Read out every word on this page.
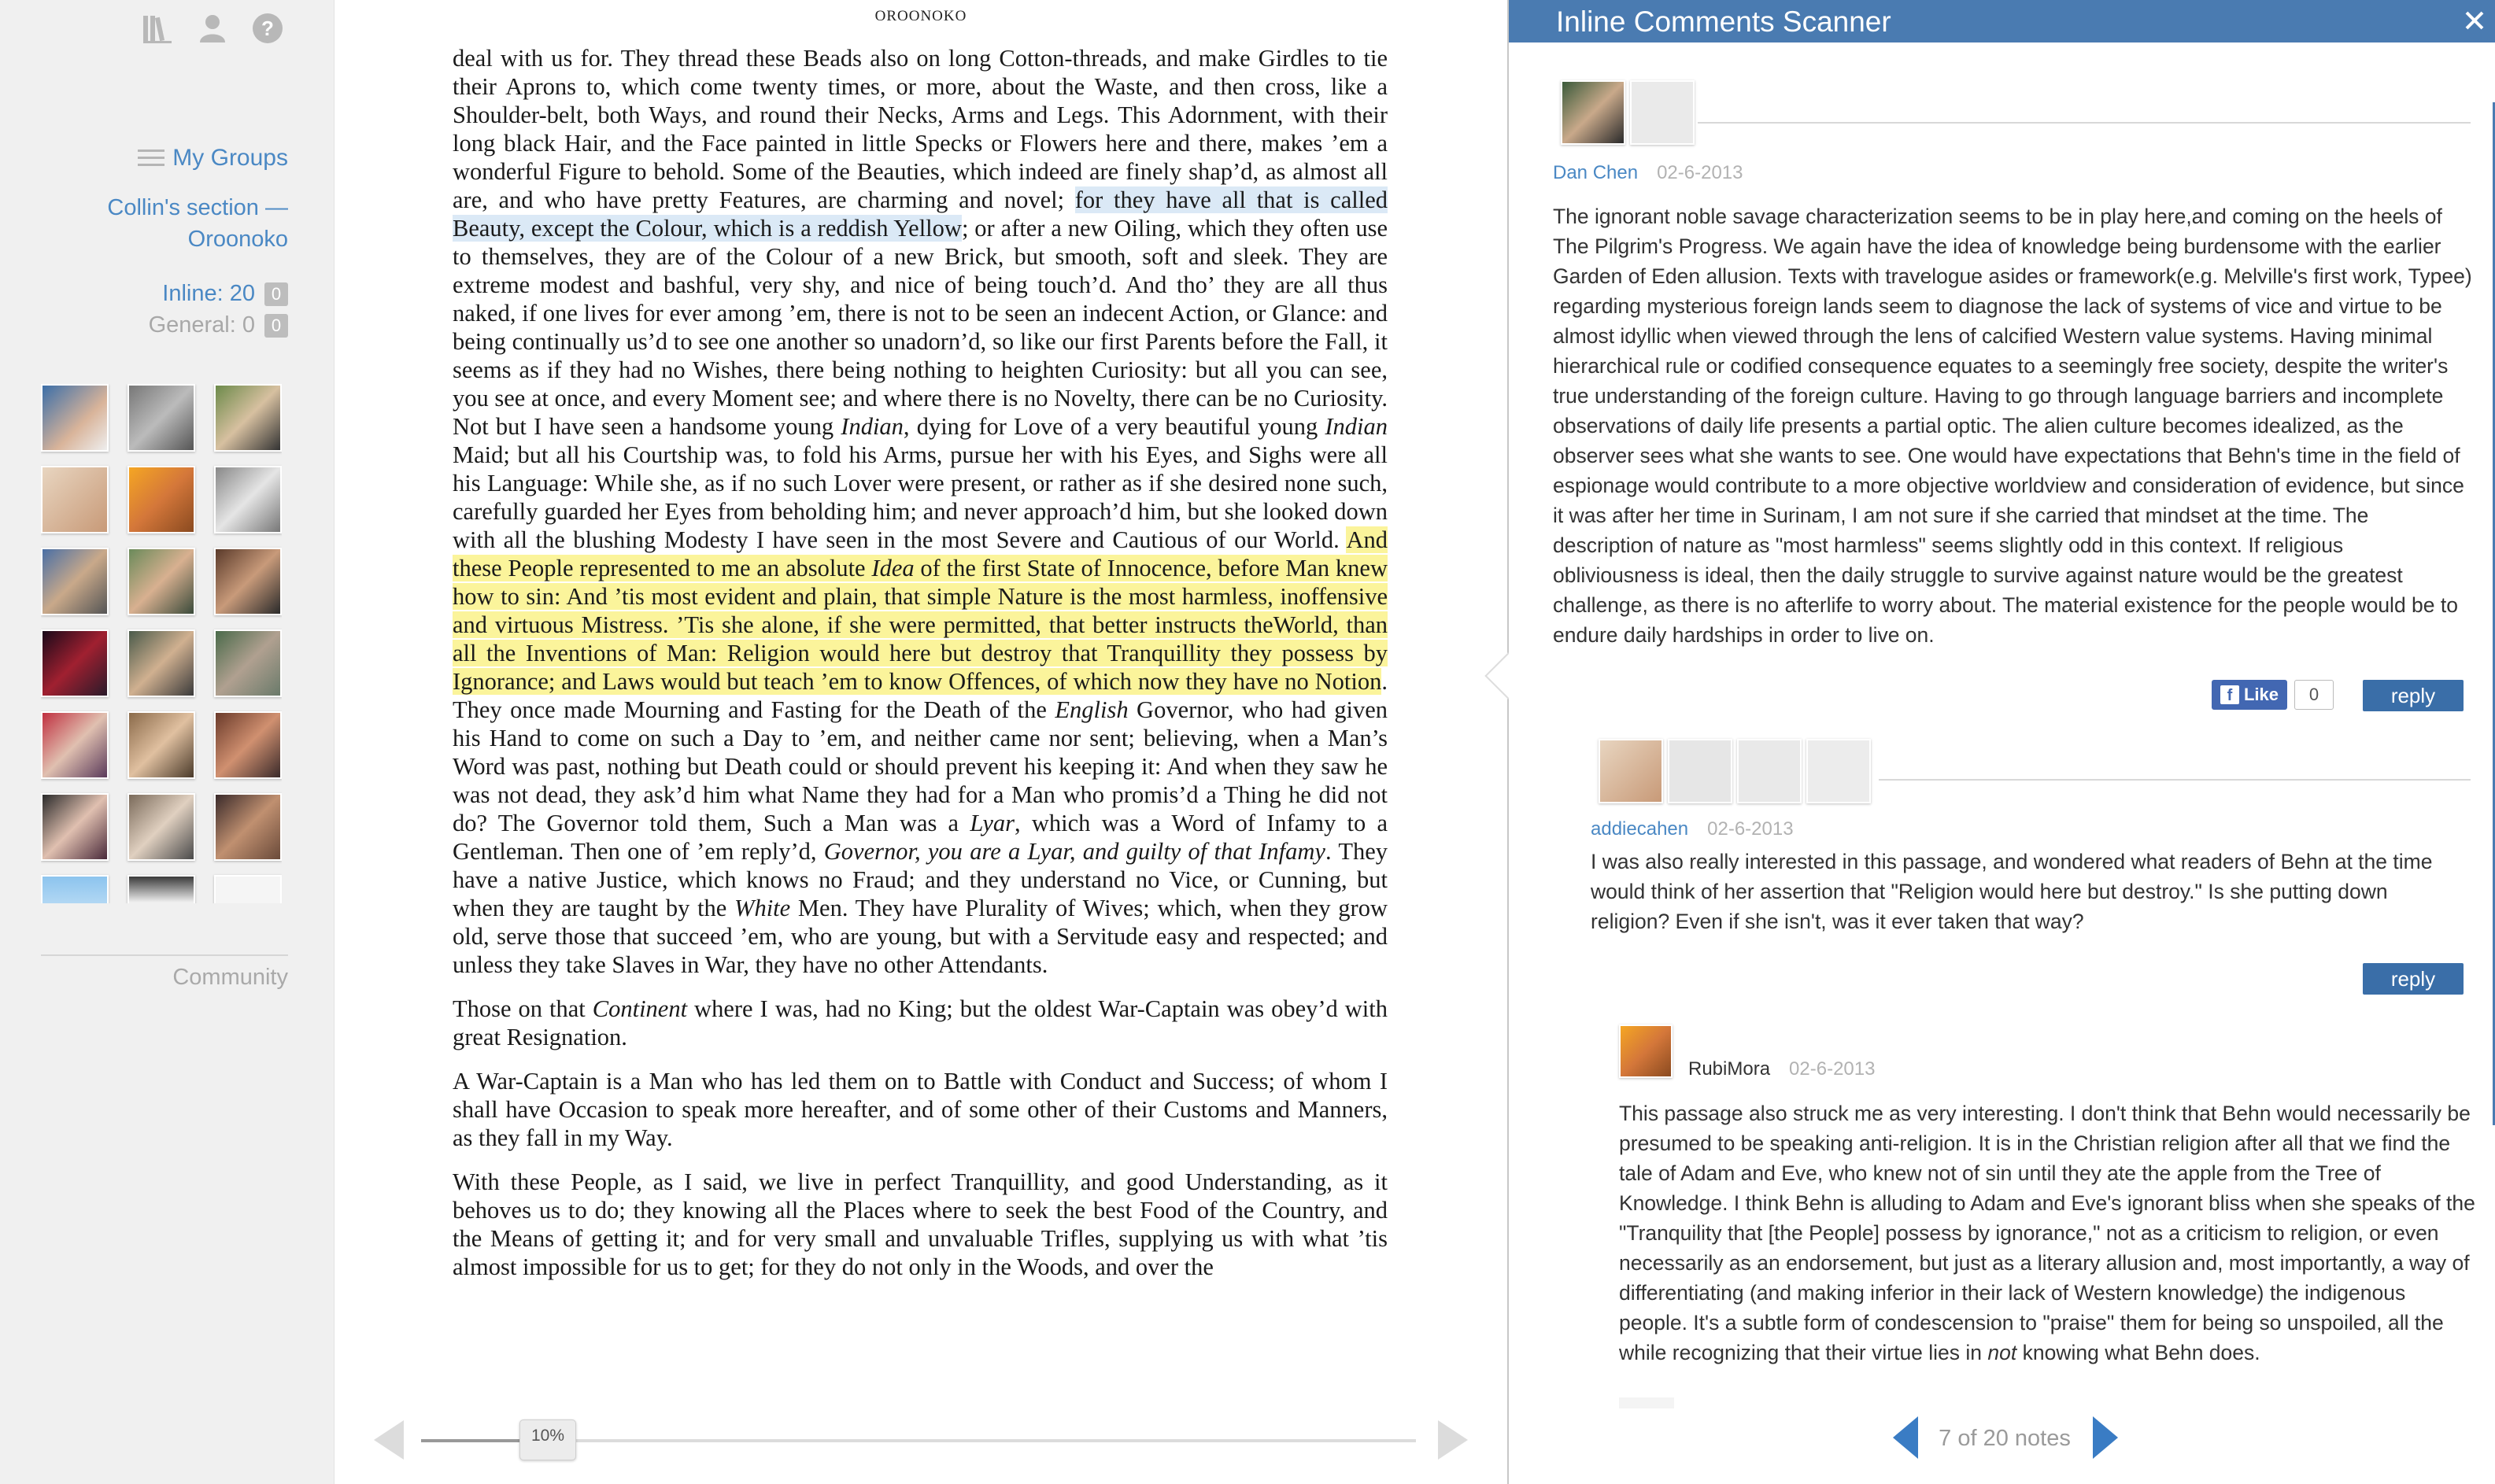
?
My Groups
Collin's section — Oroonoko
Inline: 20 0
General: 0 0
Community
OROONOKO

deal with us for. They thread these Beads also on long Cotton-threads, and make Girdles to tie their Aprons to, which come twenty times, or more, about the Waste, and then cross, like a Shoulder-belt, both Ways, and round their Necks, Arms and Legs. This Adornment, with their long black Hair, and the Face painted in little Specks or Flowers here and there, makes ’em a wonderful Figure to behold. Some of the Beauties, which indeed are finely shap’d, as almost all are, and who have pretty Features, are charming and novel; for they have all that is called Beauty, except the Colour, which is a reddish Yellow; or after a new Oiling, which they often use to themselves, they are of the Colour of a new Brick, but smooth, soft and sleek. They are extreme modest and bashful, very shy, and nice of being touch’d. And tho’ they are all thus naked, if one lives for ever among ’em, there is not to be seen an indecent Action, or Glance: and being continually us’d to see one another so unadorn’d, so like our first Parents before the Fall, it seems as if they had no Wishes, there being nothing to heighten Curiosity: but all you can see, you see at once, and every Moment see; and where there is no Novelty, there can be no Curiosity. Not but I have seen a handsome young Indian, dying for Love of a very beautiful young Indian Maid; but all his Courtship was, to fold his Arms, pursue her with his Eyes, and Sighs were all his Language: While she, as if no such Lover were present, or rather as if she desired none such, carefully guarded her Eyes from beholding him; and never approach’d him, but she looked down with all the blushing Modesty I have seen in the most Severe and Cautious of our World. And these People represented to me an absolute Idea of the first State of Innocence, before Man knew how to sin: And ’tis most evident and plain, that simple Nature is the most harmless, inoffensive and virtuous Mistress. ’Tis she alone, if she were permitted, that better instructs theWorld, than all the Inventions of Man: Religion would here but destroy that Tranquillity they possess by Ignorance; and Laws would but teach ’em to know Offences, of which now they have no Notion. They once made Mourning and Fasting for the Death of the English Governor, who had given his Hand to come on such a Day to ’em, and neither came nor sent; believing, when a Man’s Word was past, nothing but Death could or should prevent his keeping it: And when they saw he was not dead, they ask’d him what Name they had for a Man who promis’d a Thing he did not do? The Governor told them, Such a Man was a Lyar, which was a Word of Infamy to a Gentleman. Then one of ’em reply’d, Governor, you are a Lyar, and guilty of that Infamy. They have a native Justice, which knows no Fraud; and they understand no Vice, or Cunning, but when they are taught by the White Men. They have Plurality of Wives; which, when they grow old, serve those that succeed ’em, who are young, but with a Servitude easy and respected; and unless they take Slaves in War, they have no other Attendants.

Those on that Continent where I was, had no King; but the oldest War-Captain was obey’d with great Resignation.

A War-Captain is a Man who has led them on to Battle with Conduct and Success; of whom I shall have Occasion to speak more hereafter, and of some other of their Customs and Manners, as they fall in my Way.

With these People, as I said, we live in perfect Tranquillity, and good Understanding, as it behoves us to do; they knowing all the Places where to seek the best Food of the Country, and the Means of getting it; and for very small and unvaluable Trifles, supplying us with what ’tis almost impossible for us to get; for they do not only in the Woods, and over the

10%
Inline Comments Scanner
Dan Chen 02-6-2013
The ignorant noble savage characterization seems to be in play here,and coming on the heels of The Pilgrim's Progress. We again have the idea of knowledge being burdensome with the earlier Garden of Eden allusion. Texts with travelogue asides or framework(e.g. Melville's first work, Typee) regarding mysterious foreign lands seem to diagnose the lack of systems of vice and virtue to be almost idyllic when viewed through the lens of calcified Western value systems. Having minimal hierarchical rule or codified consequence equates to a seemingly free society, despite the writer's true understanding of the foreign culture. Having to go through language barriers and incomplete observations of daily life presents a partial optic. The alien culture becomes idealized, as the observer sees what she wants to see. One would have expectations that Behn's time in the field of espionage would contribute to a more objective worldview and consideration of evidence, but since it was after her time in Surinam, I am not sure if she carried that mindset at the time. The description of nature as "most harmless" seems slightly odd in this context. If religious obliviousness is ideal, then the daily struggle to survive against nature would be the greatest challenge, as there is no afterlife to worry about. The material existence for the people would be to endure daily hardships in order to live on.
f Like	0	reply
addiecahen 02-6-2013
I was also really interested in this passage, and wondered what readers of Behn at the time would think of her assertion that "Religion would here but destroy." Is she putting down religion? Even if she isn't, was it ever taken that way?
reply
RubiMora 02-6-2013
This passage also struck me as very interesting. I don't think that Behn would necessarily be presumed to be speaking anti-religion. It is in the Christian religion after all that we find the tale of Adam and Eve, who knew not of sin until they ate the apple from the Tree of Knowledge. I think Behn is alluding to Adam and Eve's ignorant bliss when she speaks of the "Tranquility that [the People] possess by ignorance," not as a criticism to religion, or even necessarily as an endorsement, but just as a literary allusion and, most importantly, a way of differentiating (and making inferior in their lack of Western knowledge) the indigenous people. It's a subtle form of condescension to "praise" them for being so unspoiled, all the while recognizing that their virtue lies in not knowing what Behn does.
7 of 20 notes
